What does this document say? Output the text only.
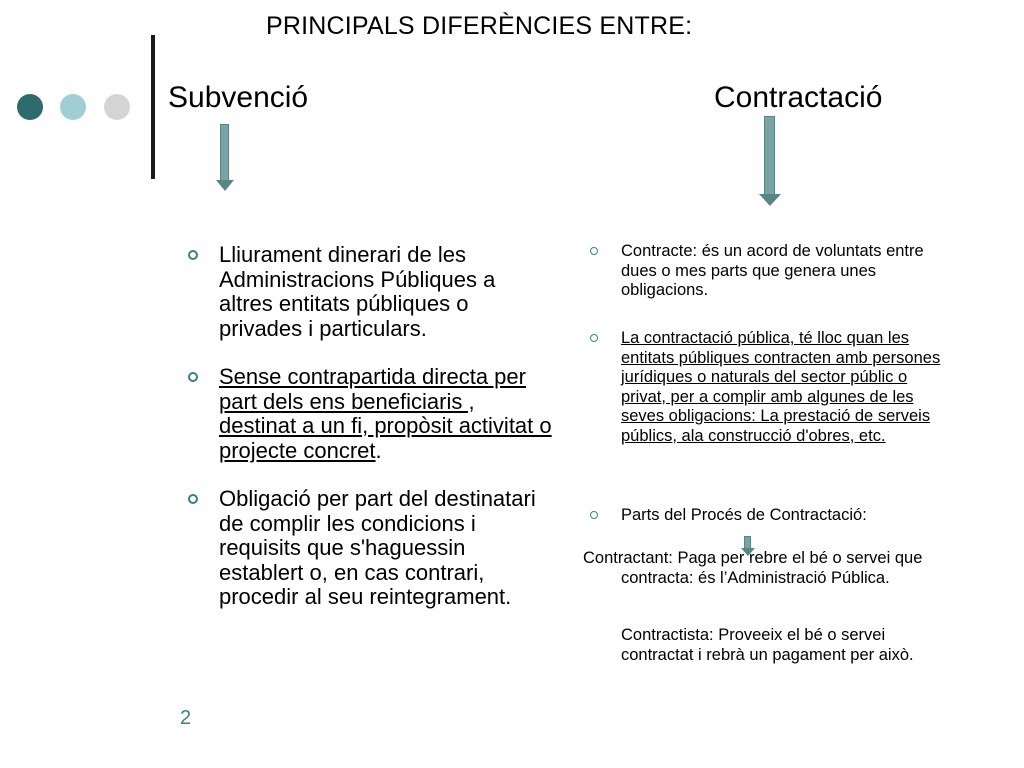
PRINCIPALS DIFERÈNCIES ENTRE:
Subvenció	Contractació
Lliurament dinerari de les Administracions Públiques a altres entitats públiques o privades i particulars.
Sense contrapartida directa per part dels ens beneficiaris , destinat a un fi, propòsit activitat o projecte concret.
Obligació per part del destinatari de complir les condicions i requisits que s'haguessin establert o, en cas contrari, procedir al seu reintegrament.
Contracte: és un acord de voluntats entre dues o mes parts que genera unes obligacions.
La contractació pública, té lloc quan les entitats públiques contracten amb persones jurídiques o naturals del sector públic o privat, per a complir amb algunes de les seves obligacions: La prestació de serveis públics, ala construcció d'obres, etc.
Parts del Procés de Contractació:
Contractant: Paga per rebre el bé o servei que contracta: és l’Administració Pública.
Contractista: Proveeix el bé o servei contractat i rebrà un pagament per això.
2
